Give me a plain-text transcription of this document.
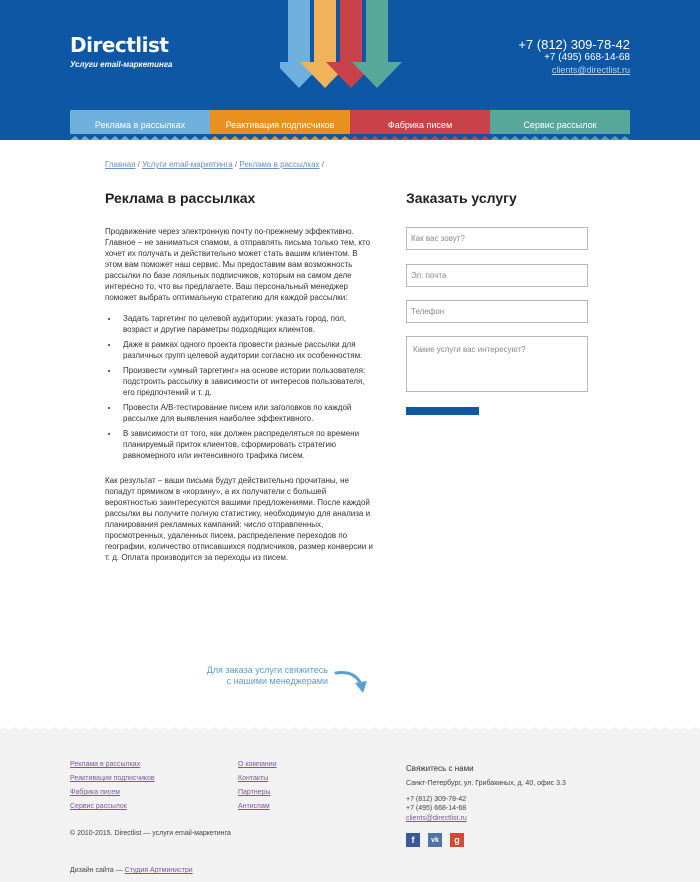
Directlist
Услуги email-маркетинга
+7 (812) 309-78-42
+7 (495) 668-14-68
clients@directlist.ru
Реклама в рассылках	Реактивация подписчиков	Фабрика писем	Сервис рассылок
Главная / Услуги email-маркетинга / Реклама в рассылках /
Реклама в рассылках

Продвижение через электронную почту по-прежнему эффективно. Главное – не заниматься спамом, а отправлять письма только тем, кто хочет их получать и действительно может стать вашим клиентом. В этом вам поможет наш сервис. Мы предоставим вам возможность рассылки по базе лояльных подписчиков, которым на самом деле интересно то, что вы предлагаете. Ваш персональный менеджер поможет выбрать оптимальную стратегию для каждой рассылки:

• Задать таргетинг по целевой аудитории: указать город, пол, возраст и другие параметры подходящих клиентов.
• Даже в рамках одного проекта провести разные рассылки для различных групп целевой аудитории согласно их особенностям.
• Произвести «умный таргетинг» на основе истории пользователя: подстроить рассылку в зависимости от интересов пользователя, его предпочтений и т. д.
• Провести A/B-тестирование писем или заголовков по каждой рассылке для выявления наиболее эффективного.
• В зависимости от того, как должен распределяться по времени планируемый приток клиентов, сформировать стратегию равномерного или интенсивного трафика писем.

Как результат – ваши письма будут действительно прочитаны, не попадут прямиком в «корзину», а их получатели с большей вероятностью заинтересуются вашими предложениями. После каждой рассылки вы получите полную статистику, необходимую для анализа и планирования рекламных кампаний: число отправленных, просмотренных, удаленных писем, распределение переходов по географии, количество отписавшихся подписчиков, размер конверсии и т. д. Оплата производится за переходы из писем.

Для заказа услуги свяжитесь
с нашими менеджерами
Заказать услугу
Как вас зовут?
Эл. почта
Телефон
Какие услуги вас интересуют?
Реклама в рассылках
Реактивация подписчиков
Фабрика писем
Сервис рассылок
О компании
Контакты
Партнеры
Антиспам
Свяжитесь с нами
Санкт-Петербург, ул. Грибакиных, д. 40, офис 3.3
+7 (812) 309-78-42
+7 (495) 668-14-68
clients@directlist.ru
f	vk	g
© 2010-2015. Directlist — услуги email-маркетинга
Дизайн сайта — Студия Артминистри
